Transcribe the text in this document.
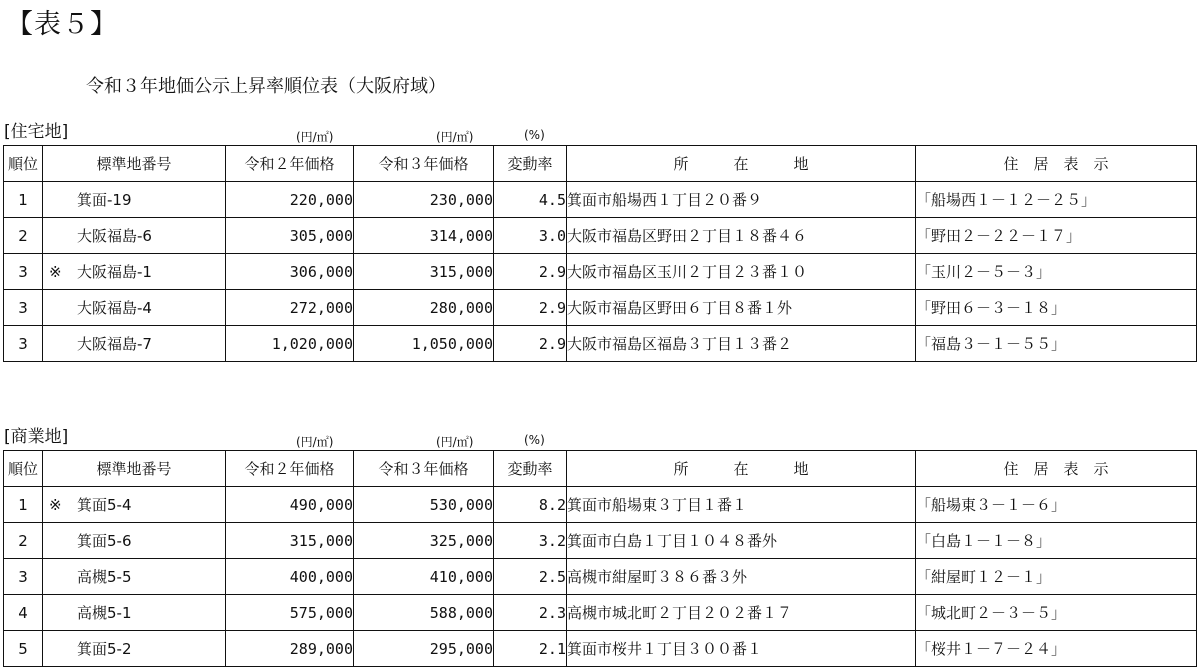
【表５】
令和３年地価公示上昇率順位表（大阪府域）
[住宅地]	(円/㎡)	(円/㎡)	(%)
順位	標準地番号	令和２年価格	令和３年価格	変動率	所　　　在　　　地	住　居　表　示
1	箕面-19	220,000	230,000	4.5	箕面市船場西１丁目２０番９	「船場西１－１２－２５」
2	大阪福島-6	305,000	314,000	3.0	大阪市福島区野田２丁目１８番４６	「野田２－２２－１７」
3	※ 大阪福島-1	306,000	315,000	2.9	大阪市福島区玉川２丁目２３番１０	「玉川２－５－３」
3	大阪福島-4	272,000	280,000	2.9	大阪市福島区野田６丁目８番１外	「野田６－３－１８」
3	大阪福島-7	1,020,000	1,050,000	2.9	大阪市福島区福島３丁目１３番２	「福島３－１－５５」
[商業地]	(円/㎡)	(円/㎡)	(%)
順位	標準地番号	令和２年価格	令和３年価格	変動率	所　　　在　　　地	住　居　表　示
1	※ 箕面5-4	490,000	530,000	8.2	箕面市船場東３丁目１番１	「船場東３－１－６」
2	箕面5-6	315,000	325,000	3.2	箕面市白島１丁目１０４８番外	「白島１－１－８」
3	高槻5-5	400,000	410,000	2.5	高槻市紺屋町３８６番３外	「紺屋町１２－１」
4	高槻5-1	575,000	588,000	2.3	高槻市城北町２丁目２０２番１７	「城北町２－３－５」
5	箕面5-2	289,000	295,000	2.1	箕面市桜井１丁目３００番１	「桜井１－７－２４」
